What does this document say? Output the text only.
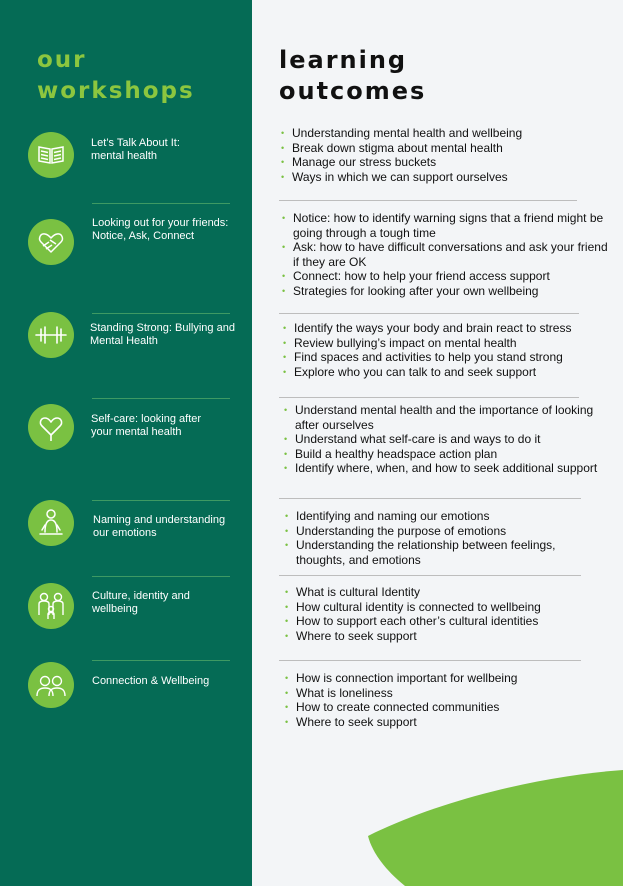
our
workshops
learning
outcomes
Let’s Talk About It:
mental health
Looking out for your friends:
Notice, Ask, Connect
Standing Strong: Bullying and
Mental Health
Self-care: looking after
your mental health
Naming and understanding
our emotions
Culture, identity and
wellbeing
Connection & Wellbeing
• Understanding mental health and wellbeing
• Break down stigma about mental health
• Manage our stress buckets
• Ways in which we can support ourselves
• Notice: how to identify warning signs that a friend might be going through a tough time
• Ask: how to have difficult conversations and ask your friend if they are OK
• Connect: how to help your friend access support
• Strategies for looking after your own wellbeing
• Identify the ways your body and brain react to stress
• Review bullying’s impact on mental health
• Find spaces and activities to help you stand strong
• Explore who you can talk to and seek support
• Understand mental health and the importance of looking after ourselves
• Understand what self-care is and ways to do it
• Build a healthy headspace action plan
• Identify where, when, and how to seek additional support
• Identifying and naming our emotions
• Understanding the purpose of emotions
• Understanding the relationship between feelings, thoughts, and emotions
• What is cultural Identity
• How cultural identity is connected to wellbeing
• How to support each other’s cultural identities
• Where to seek support
• How is connection important for wellbeing
• What is loneliness
• How to create connected communities
• Where to seek support
